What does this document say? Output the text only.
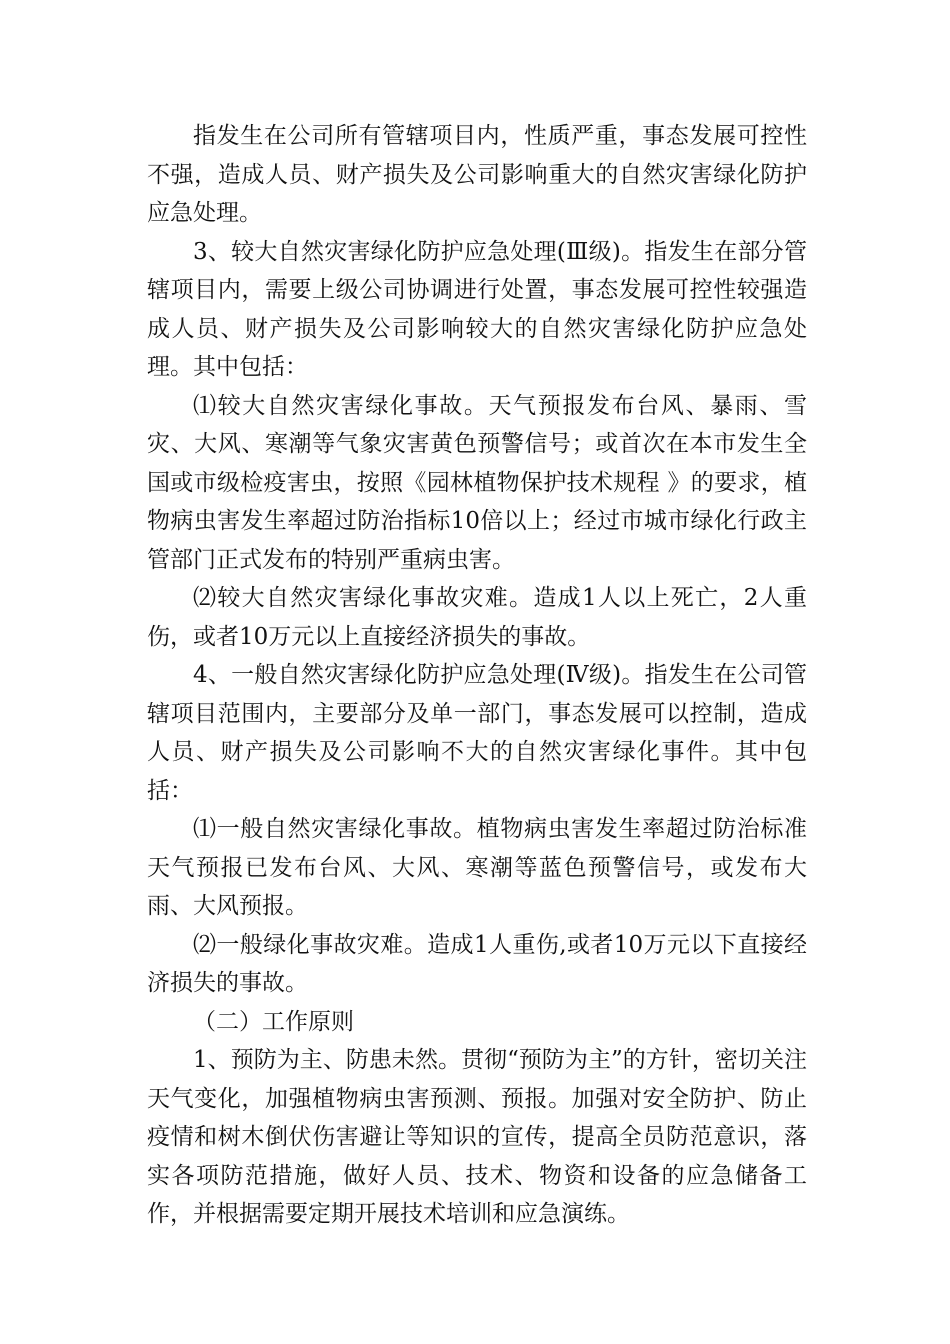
指发生在公司所有管辖项目内，性质严重，事态发展可控性不强，造成人员、财产损失及公司影响重大的自然灾害绿化防护应急处理。

3、较大自然灾害绿化防护应急处理(Ⅲ级)。指发生在部分管辖项目内，需要上级公司协调进行处置，事态发展可控性较强造成人员、财产损失及公司影响较大的自然灾害绿化防护应急处理。其中包括：

⑴较大自然灾害绿化事故。天气预报发布台风、暴雨、雪灾、大风、寒潮等气象灾害黄色预警信号；或首次在本市发生全国或市级检疫害虫，按照《园林植物保护技术规程 》的要求，植物病虫害发生率超过防治指标10倍以上；经过市城市绿化行政主管部门正式发布的特别严重病虫害。

⑵较大自然灾害绿化事故灾难。造成1人以上死亡，2人重伤，或者10万元以上直接经济损失的事故。

4、一般自然灾害绿化防护应急处理(Ⅳ级)。指发生在公司管辖项目范围内，主要部分及单一部门，事态发展可以控制，造成人员、财产损失及公司影响不大的自然灾害绿化事件。其中包括：

⑴一般自然灾害绿化事故。植物病虫害发生率超过防治标准天气预报已发布台风、大风、寒潮等蓝色预警信号，或发布大雨、大风预报。

⑵一般绿化事故灾难。造成1人重伤,或者10万元以下直接经济损失的事故。

（二）工作原则

1、预防为主、防患未然。贯彻“预防为主”的方针，密切关注天气变化，加强植物病虫害预测、预报。加强对安全防护、防止疫情和树木倒伏伤害避让等知识的宣传，提高全员防范意识，落实各项防范措施，做好人员、技术、物资和设备的应急储备工作，并根据需要定期开展技术培训和应急演练。
